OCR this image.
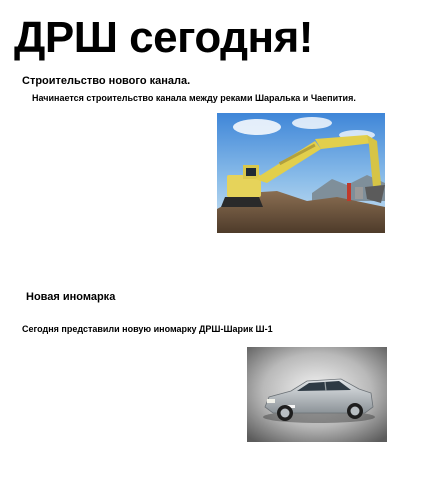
ДРШ сегодня!
Строительство нового канала.

Начинается строительство канала между реками Шаралька и Чаепития.

Новая иномарка

Сегодня представили новую иномарку ДРШ-Шарик Ш-1
